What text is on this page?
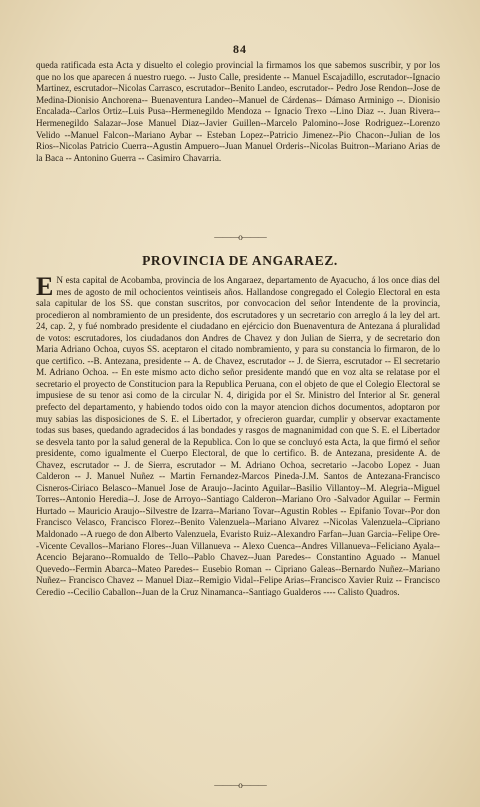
84
queda ratificada esta Acta y disuelto el colegio provincial la firmamos los que sabemos suscribir, y por los que no los que aparecen á nuestro ruego. -- Justo Calle, presidente -- Manuel Escajadillo, escrutador--Ignacio Martinez, escrutador--Nicolas Carrasco, escrutador--Benito Landeo, escrutador-- Pedro Jose Rendon--Jose de Medina-Dionisio Anchorena-- Buenaventura Landeo--Manuel de Cárdenas-- Dámaso Arminigo --. Dionisio Encalada--Carlos Ortiz--Luis Pusa--Hermenegildo Mendoza -- Ignacio Trexo --Lino Diaz --. Juan Rivera--Hermenegildo Salazar--Jose Manuel Diaz--Javier Guillen--Marcelo Palomino--Jose Rodriguez--Lorenzo Velido --Manuel Falcon--Mariano Aybar -- Esteban Lopez--Patricio Jimenez--Pio Chacon--Julian de los Rios--Nicolas Patricio Cuerra--Agustin Ampuero--Juan Manuel Orderis--Nicolas Buitron--Mariano Arias de la Baca -- Antonino Guerra -- Casimiro Chavarria.
———o———
PROVINCIA DE ANGARAEZ.
E N esta capital de Acobamba, provincia de los Angaraez, departamento de Ayacucho, á los once dias del mes de agosto de mil ochocientos veintiseis años. Hallandose congregado el Colegio Electoral en esta sala capitular de los SS. que constan suscritos, por convocacion del señor Intendente de la provincia, procedieron al nombramiento de un presidente, dos escrutadores y un secretario con arreglo á la ley del art. 24, cap. 2, y fué nombrado presidente el ciudadano en ejércicio don Buenaventura de Antezana á pluralidad de votos: escrutadores, los ciudadanos don Andres de Chavez y don Julian de Sierra, y de secretario don Maria Adriano Ochoa, cuyos SS. aceptaron el citado nombramiento, y para su constancia lo firmaron, de lo que certifico. --B. Antezana, presidente -- A. de Chavez, escrutador -- J. de Sierra, escrutador -- El secretario M. Adriano Ochoa. -- En este mismo acto dicho señor presidente mandó que en voz alta se relatase por el secretario el proyecto de Constitucion para la Republica Peruana, con el objeto de que el Colegio Electoral se impusiese de su tenor asi como de la circular N. 4, dirigida por el Sr. Ministro del Interior al Sr. general prefecto del departamento, y habiendo todos oido con la mayor atencion dichos documentos, adoptaron por muy sabias las disposiciones de S. E. el Libertador, y ofrecieron guardar, cumplir y observar exactamente todas sus bases, quedando agradecidos á las bondades y rasgos de magnanimidad con que S. E. el Libertador se desvela tanto por la salud general de la Republica. Con lo que se concluyó esta Acta, la que firmó el señor presidente, como igualmente el Cuerpo Electoral, de que lo certifico. B. de Antezana, presidente A. de Chavez, escrutador -- J. de Sierra, escrutador -- M. Adriano Ochoa, secretario --Jacobo Lopez - Juan Calderon -- J. Manuel Nuñez -- Martin Fernandez-Marcos Pineda-J.M. Santos de Antezana-Francisco Cisneros-Ciriaco Belasco--Manuel Jose de Araujo--Jacinto Aguilar--Basilio Villantoy--M. Alegria--Miguel Torres--Antonio Heredia--J. Jose de Arroyo--Santiago Calderon--Mariano Oro -Salvador Aguilar -- Fermin Hurtado -- Mauricio Araujo--Silvestre de Izarra--Mariano Tovar--Agustin Robles -- Epifanio Tovar--Por don Francisco Velasco, Francisco Florez--Benito Valenzuela--Mariano Alvarez --Nicolas Valenzuela--Cipriano Maldonado --A ruego de don Alberto Valenzuela, Evaristo Ruiz--Alexandro Farfan--Juan Garcia--Felipe Ore--Vicente Cevallos--Mariano Flores--Juan Villanueva -- Alexo Cuenca--Andres Villanueva--Feliciano Ayala--Acencio Bejarano--Romualdo de Tello--Pablo Chavez--Juan Paredes-- Constantino Aguado -- Manuel Quevedo--Fermin Abarca--Mateo Paredes-- Eusebio Roman -- Cipriano Galeas--Bernardo Nuñez--Mariano Nuñez-- Francisco Chavez -- Manuel Diaz--Remigio Vidal--Felipe Arias--Francisco Xavier Ruiz -- Francisco Ceredio --Cecilio Caballon--Juan de la Cruz Ninamanca--Santiago Gualderos ---- Calisto Quadros.
———o———
